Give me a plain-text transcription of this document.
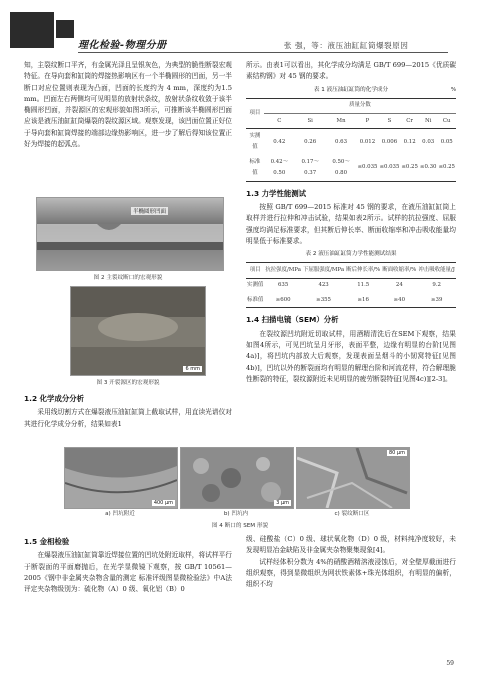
理化检验-物理分册	张 强，等：液压油缸缸筒爆裂原因

知，主裂纹断口平齐，有金属光泽且呈银灰色，为典型的脆性断裂宏观特征。在导向套和缸筒的焊接热影响区有一个半椭圆形的凹面，另一半断口对应位置则表现为凸面，凹面的长度约为 4 mm，深度约为1.5 mm。凹面左右两侧均可见明显的放射状条纹，放射状条纹收敛于该半椭圆形凹面，并裂源区的宏观形貌如图3所示，可推断该半椭圆形凹面应该是液压油缸缸筒爆裂的裂纹源区域。观察发现，该凹面位置正好位于导向套和缸筒焊接的端部边缘热影响区，进一步了解后得知该位置正好为焊接的起弧点。

半椭圆形凹面
图 2 主裂纹断口的宏观形貌
6 mm
图 3 开裂源区的宏观形貌
1.2 化学成分分析

采用线切割方式在爆裂液压油缸缸筒上截取试样，用直读光谱仪对其进行化学成分分析，结果如表1

所示。由表1可以看出，其化学成分均满足 GB/T 699—2015《优质碳素结构钢》对 45 钢的要求。

表 1 液压油缸缸筒的化学成分	%
项目	质量分数							
	C	Si	Mn	P	S	Cr	Ni	Cu
实测值	0.42	0.26	0.63	0.012	0.006	0.12	0.03	0.05
标准值	0.42～0.50	0.17～0.37	0.50～0.80	≤0.035	≤0.035	≤0.25	≤0.30	≤0.25
1.3 力学性能测试

按照 GB/T 699—2015 标准对 45 钢的要求，在液压油缸缸筒上取样并进行拉伸和冲击试验，结果如表2所示。试样的抗拉强度、屈服强度均满足标准要求，但其断后伸长率、断面收缩率和冲击吸收能量均明显低于标准要求。

表 2 液压油缸缸筒力学性能测试结果
项目	抗拉强度/MPa	下屈服强度/MPa	断后伸长率/%	断面收缩率/%	冲击吸收能量/J
实测值	635	423	11.5	24	9.2
标准值	≥600	≥355	≥16	≥40	≥39
1.4 扫描电镜（SEM）分析

在裂纹源凹坑附近切取试样，用酒精清洗后在SEM下观察，结果如图4所示，可见凹坑呈月牙形，表面平整，边缘有明显的台阶[见图4a)]，将凹坑内部放大后观察，发现表面呈烟斗的小韧窝特征[见图4b)]，凹坑以外的断裂面均有明显的解理台阶和河流花样，符合解理脆性断裂的特征，裂纹源附近未见明显的疲劳断裂特征[见图4c)][2-3]。

400 μm	3 μm
80 μm
a) 凹坑附近	b) 凹坑内	c) 裂纹断口区
图 4 断口的 SEM 形貌
1.5 金相检验

在爆裂液压油缸缸筒靠近焊接位置的凹坑处附近取样，将试样平行于断裂面的平面磨抛后，在光学显微镜下观察，按 GB/T 10561—2005《钢中非金属夹杂物含量的测定 标准评级图显微检验法》中A法评定夹杂物级别为：硫化物（A）0 级、氧化铝（B）0

级、硅酸盐（C）0 级、球状氧化物（D）0 级，材料纯净度较好，未发现明显冶金缺陷及非金属夹杂物聚集现象[4]。

试样经体积分数为 4%的硝酸酒精溶液浸蚀后，对全壁厚截面进行组织观察，得到显微组织为网状铁素体+珠光体组织，有明显的偏析，组织不均

59
